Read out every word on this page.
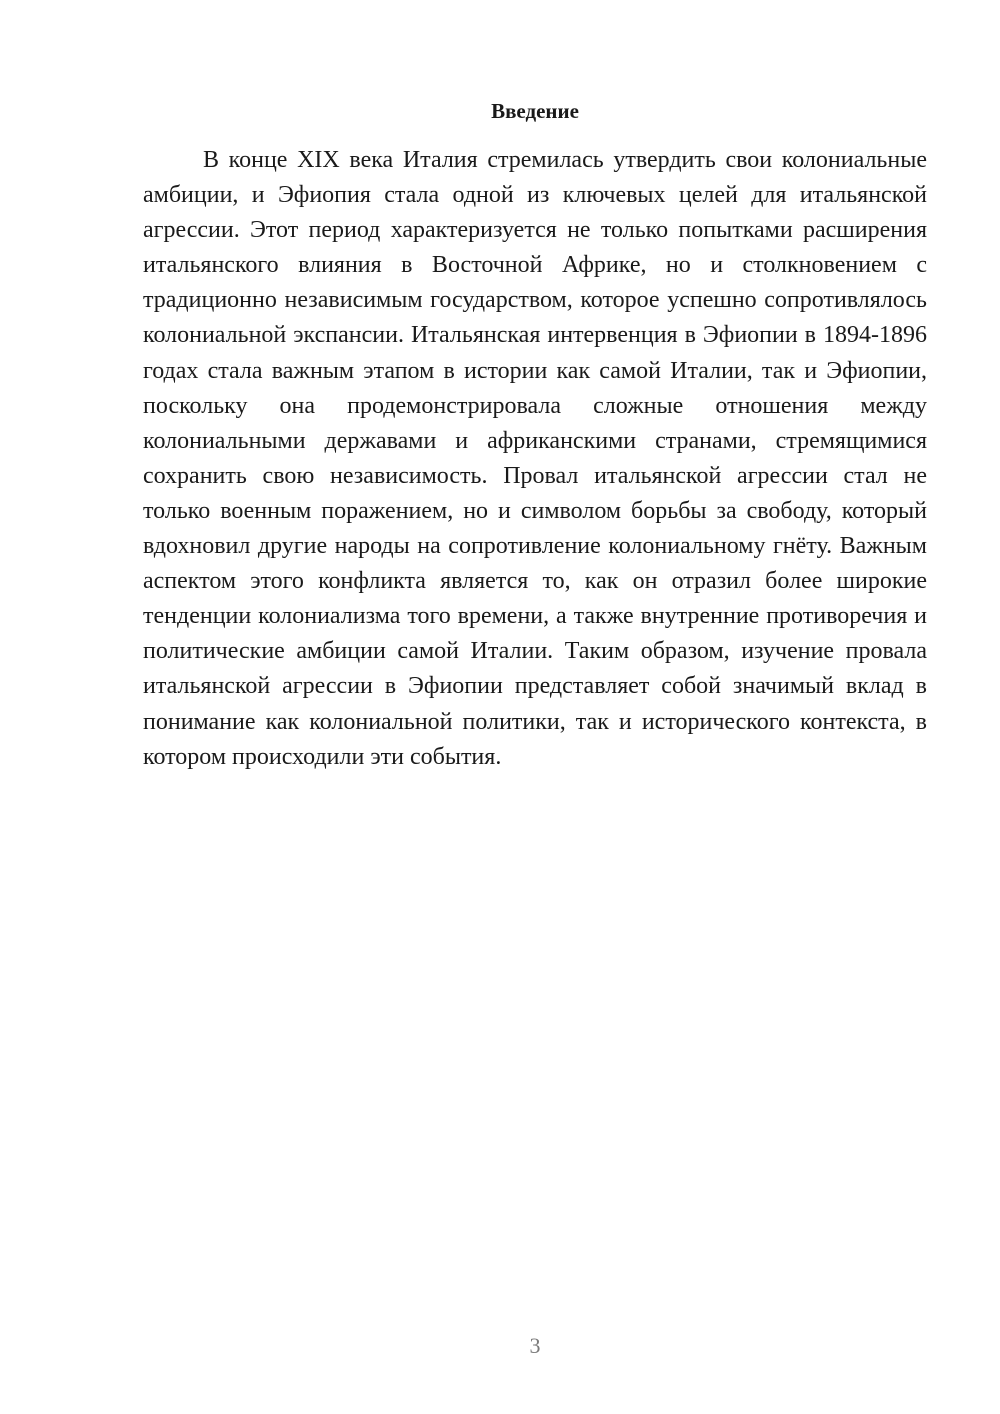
Введение

В конце XIX века Италия стремилась утвердить свои колониальные амбиции, и Эфиопия стала одной из ключевых целей для итальянской агрессии. Этот период характеризуется не только попытками расширения итальянского влияния в Восточной Африке, но и столкновением с традиционно независимым государством, которое успешно сопротивлялось колониальной экспансии. Итальянская интервенция в Эфиопии в 1894-1896 годах стала важным этапом в истории как самой Италии, так и Эфиопии, поскольку она продемонстрировала сложные отношения между колониальными державами и африканскими странами, стремящимися сохранить свою независимость. Провал итальянской агрессии стал не только военным поражением, но и символом борьбы за свободу, который вдохновил другие народы на сопротивление колониальному гнёту. Важным аспектом этого конфликта является то, как он отразил более широкие тенденции колониализма того времени, а также внутренние противоречия и политические амбиции самой Италии. Таким образом, изучение провала итальянской агрессии в Эфиопии представляет собой значимый вклад в понимание как колониальной политики, так и исторического контекста, в котором происходили эти события.

3
